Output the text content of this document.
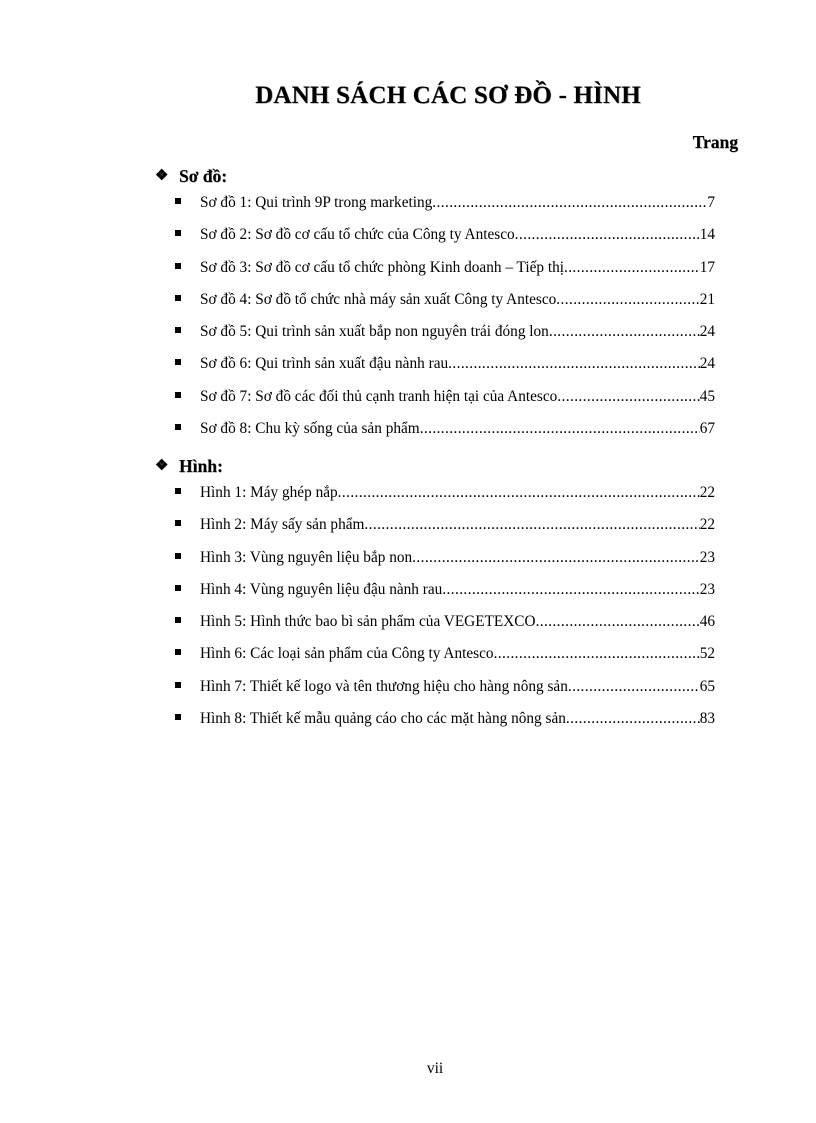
DANH SÁCH CÁC SƠ ĐỒ - HÌNH
Trang
❖ Sơ đồ:
Sơ đồ 1: Qui trình 9P trong marketing .....	7
Sơ đồ 2: Sơ đồ cơ cấu tổ chức của Công ty Antesco .....	14
Sơ đồ 3: Sơ đồ cơ cấu tổ chức phòng Kinh doanh – Tiếp thị .....	17
Sơ đồ 4: Sơ đồ tổ chức nhà máy sản xuất Công ty Antesco .....	21
Sơ đồ 5: Qui trình sản xuất bắp non nguyên trái đóng lon .....	24
Sơ đồ 6: Qui trình sản xuất đậu nành rau .....	24
Sơ đồ 7: Sơ đồ các đối thủ cạnh tranh hiện tại của Antesco .....	45
Sơ đồ 8: Chu kỳ sống của sản phẩm .....	67
❖ Hình:
Hình 1: Máy ghép nắp .....	22
Hình 2: Máy sấy sản phẩm .....	22
Hình 3: Vùng nguyên liệu bắp non .....	23
Hình 4: Vùng nguyên liệu đậu nành rau .....	23
Hình 5: Hình thức bao bì sản phẩm của VEGETEXCO .....	46
Hình 6: Các loại sản phẩm của Công ty Antesco .....	52
Hình 7: Thiết kế logo và tên thương hiệu cho hàng nông sản .....	65
Hình 8: Thiết kế mẫu quảng cáo cho các mặt hàng nông sản .....	83
vii
